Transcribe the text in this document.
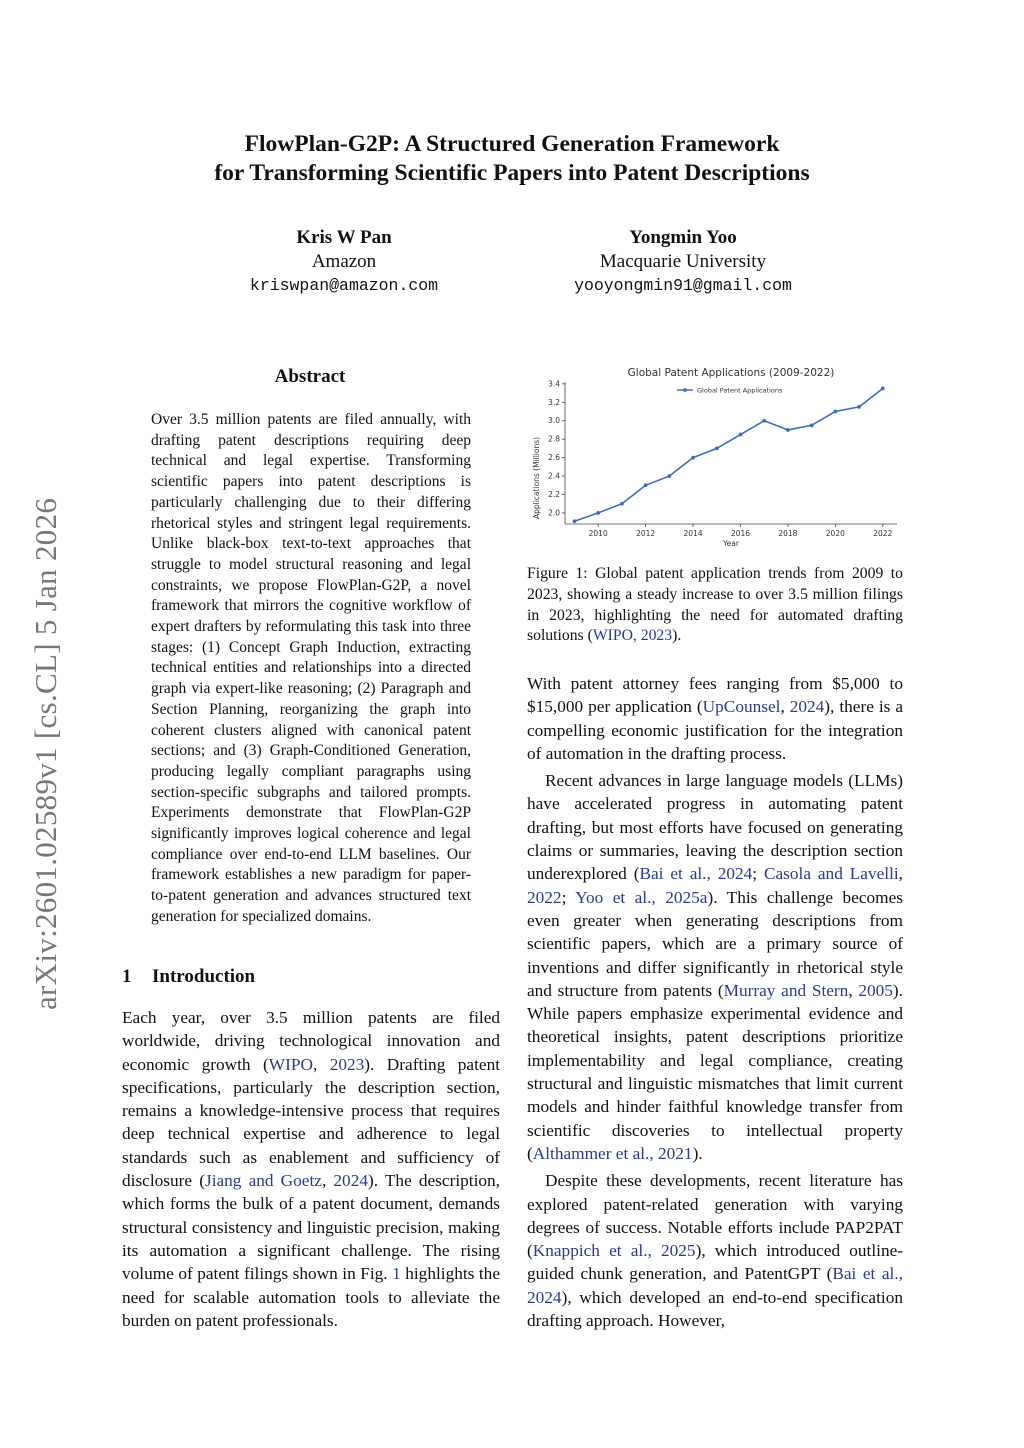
arXiv:2601.02589v1 [cs.CL] 5 Jan 2026
FlowPlan-G2P: A Structured Generation Framework
for Transforming Scientific Papers into Patent Descriptions
Kris W Pan
Amazon
kriswpan@amazon.com
Yongmin Yoo
Macquarie University
yooyongmin91@gmail.com
Abstract
Over 3.5 million patents are filed annually, with drafting patent descriptions requiring deep technical and legal expertise. Transforming scientific papers into patent descriptions is particularly challenging due to their differing rhetorical styles and stringent legal requirements. Unlike black-box text-to-text approaches that struggle to model structural reasoning and legal constraints, we propose FlowPlan-G2P, a novel framework that mirrors the cognitive workflow of expert drafters by reformulating this task into three stages: (1) Concept Graph Induction, extracting technical entities and relationships into a directed graph via expert-like reasoning; (2) Paragraph and Section Planning, reorganizing the graph into coherent clusters aligned with canonical patent sections; and (3) Graph-Conditioned Generation, producing legally compliant paragraphs using section-specific subgraphs and tailored prompts. Experiments demonstrate that FlowPlan-G2P significantly improves logical coherence and legal compliance over end-to-end LLM baselines. Our framework establishes a new paradigm for paper-to-patent generation and advances structured text generation for specialized domains.
1 Introduction
Each year, over 3.5 million patents are filed worldwide, driving technological innovation and economic growth (WIPO, 2023). Drafting patent specifications, particularly the description section, remains a knowledge-intensive process that requires deep technical expertise and adherence to legal standards such as enablement and sufficiency of disclosure (Jiang and Goetz, 2024). The description, which forms the bulk of a patent document, demands structural consistency and linguistic precision, making its automation a significant challenge. The rising volume of patent filings shown in Fig. 1 highlights the need for scalable automation tools to alleviate the burden on patent professionals.
Global Patent Applications (2009-2022)
2010	2012	2014	2016	2018	2020	2022
2.0
2.2
2.4
2.6
2.8
3.0
3.2
3.4
Year
Applications (Millions)
Global Patent Applications
Figure 1: Global patent application trends from 2009 to 2023, showing a steady increase to over 3.5 million filings in 2023, highlighting the need for automated drafting solutions (WIPO, 2023).

With patent attorney fees ranging from $5,000 to $15,000 per application (UpCounsel, 2024), there is a compelling economic justification for the integration of automation in the drafting process.

Recent advances in large language models (LLMs) have accelerated progress in automating patent drafting, but most efforts have focused on generating claims or summaries, leaving the description section underexplored (Bai et al., 2024; Casola and Lavelli, 2022; Yoo et al., 2025a). This challenge becomes even greater when generating descriptions from scientific papers, which are a primary source of inventions and differ significantly in rhetorical style and structure from patents (Murray and Stern, 2005). While papers emphasize experimental evidence and theoretical insights, patent descriptions prioritize implementability and legal compliance, creating structural and linguistic mismatches that limit current models and hinder faithful knowledge transfer from scientific discoveries to intellectual property (Althammer et al., 2021).

Despite these developments, recent literature has explored patent-related generation with varying degrees of success. Notable efforts include PAP2PAT (Knappich et al., 2025), which introduced outline-guided chunk generation, and PatentGPT (Bai et al., 2024), which developed an end-to-end specification drafting approach. However,
